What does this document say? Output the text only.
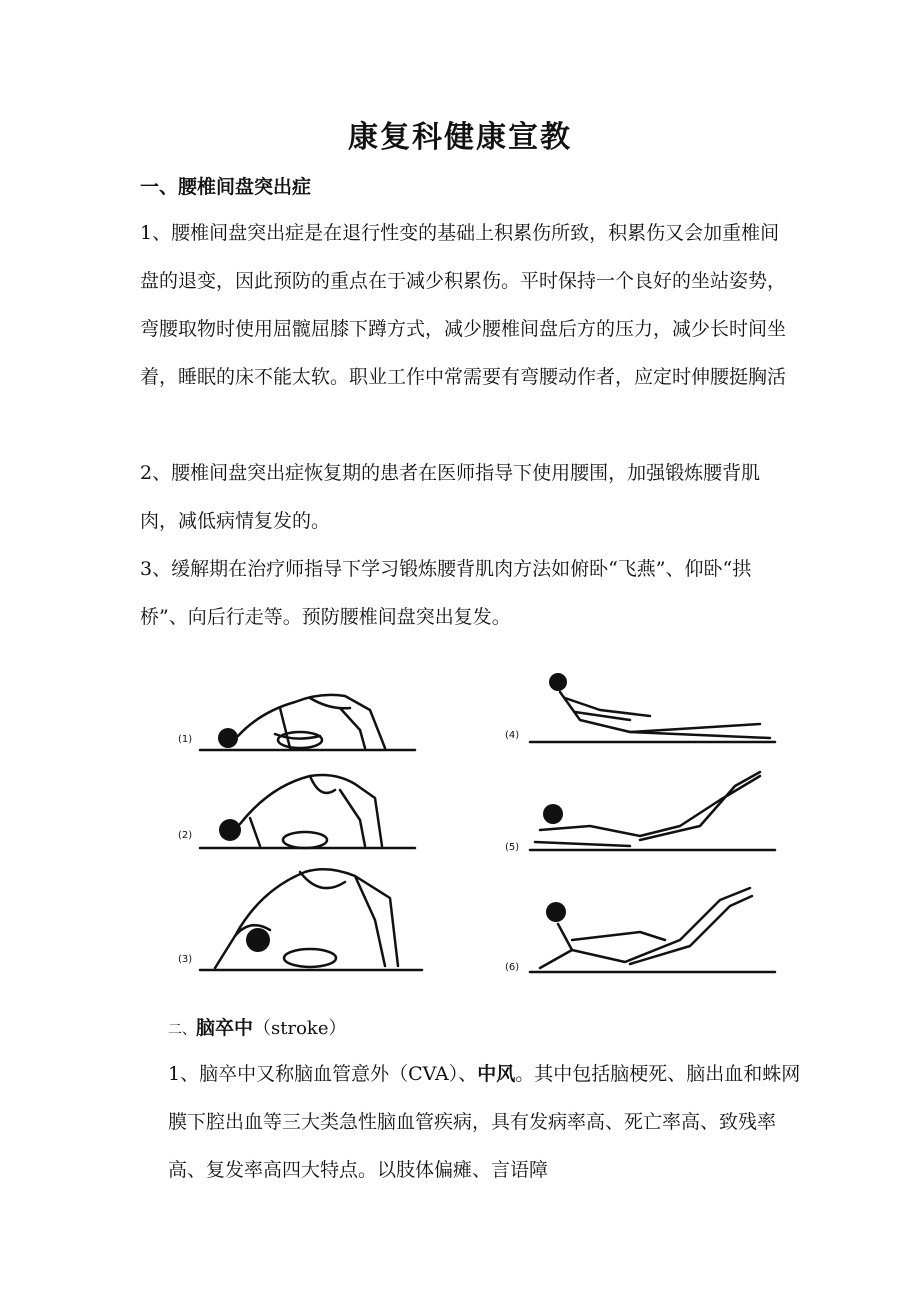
康复科健康宣教
一、腰椎间盘突出症
1、腰椎间盘突出症是在退行性变的基础上积累伤所致，积累伤又会加重椎间盘的退变，因此预防的重点在于减少积累伤。平时保持一个良好的坐站姿势，弯腰取物时使用屈髋屈膝下蹲方式，减少腰椎间盘后方的压力，减少长时间坐着，睡眠的床不能太软。职业工作中常需要有弯腰动作者，应定时伸腰挺胸活
2、腰椎间盘突出症恢复期的患者在医师指导下使用腰围，加强锻炼腰背肌肉，减低病情复发的。
3、缓解期在治疗师指导下学习锻炼腰背肌肉方法如俯卧“飞燕”、仰卧“拱桥”、向后行走等。预防腰椎间盘突出复发。
(1)
(2)
(3)
(4)
(5)
(6)
二、脑卒中（stroke）
1、脑卒中又称脑血管意外（CVA）、中风。其中包括脑梗死、脑出血和蛛网膜下腔出血等三大类急性脑血管疾病，具有发病率高、死亡率高、致残率高、复发率高四大特点。以肢体偏瘫、言语障
